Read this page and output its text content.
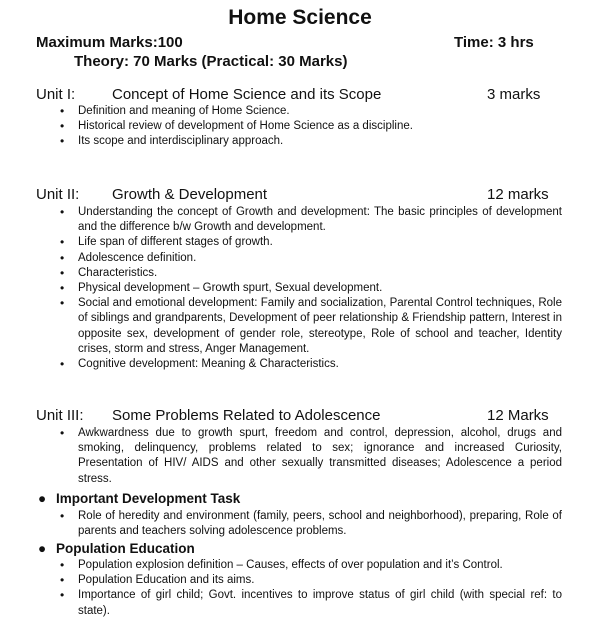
Home Science
Maximum Marks:100	Time: 3 hrs
Theory: 70 Marks (Practical: 30 Marks)
Unit I: Concept of Home Science and its Scope	3 marks
• Definition and meaning of Home Science.
• Historical review of development of Home Science as a discipline.
• Its scope and interdisciplinary approach.
Unit II: Growth & Development	12 marks
• Understanding the concept of Growth and development: The basic principles of development and the difference b/w Growth and development.
• Life span of different stages of growth.
• Adolescence definition.
• Characteristics.
• Physical development – Growth spurt, Sexual development.
• Social and emotional development: Family and socialization, Parental Control techniques, Role of siblings and grandparents, Development of peer relationship & Friendship pattern, Interest in opposite sex, development of gender role, stereotype, Role of school and teacher, Identity crises, storm and stress, Anger Management.
• Cognitive development: Meaning & Characteristics.
Unit III: Some Problems Related to Adolescence	12 Marks
• Awkwardness due to growth spurt, freedom and control, depression, alcohol, drugs and smoking, delinquency, problems related to sex; ignorance and increased Curiosity, Presentation of HIV/ AIDS and other sexually transmitted diseases; Adolescence a period stress.
● Important Development Task
• Role of heredity and environment (family, peers, school and neighborhood), preparing, Role of parents and teachers solving adolescence problems.
● Population Education
• Population explosion definition – Causes, effects of over population and it’s Control.
• Population Education and its aims.
• Importance of girl child; Govt. incentives to improve status of girl child (with special ref: to state).
